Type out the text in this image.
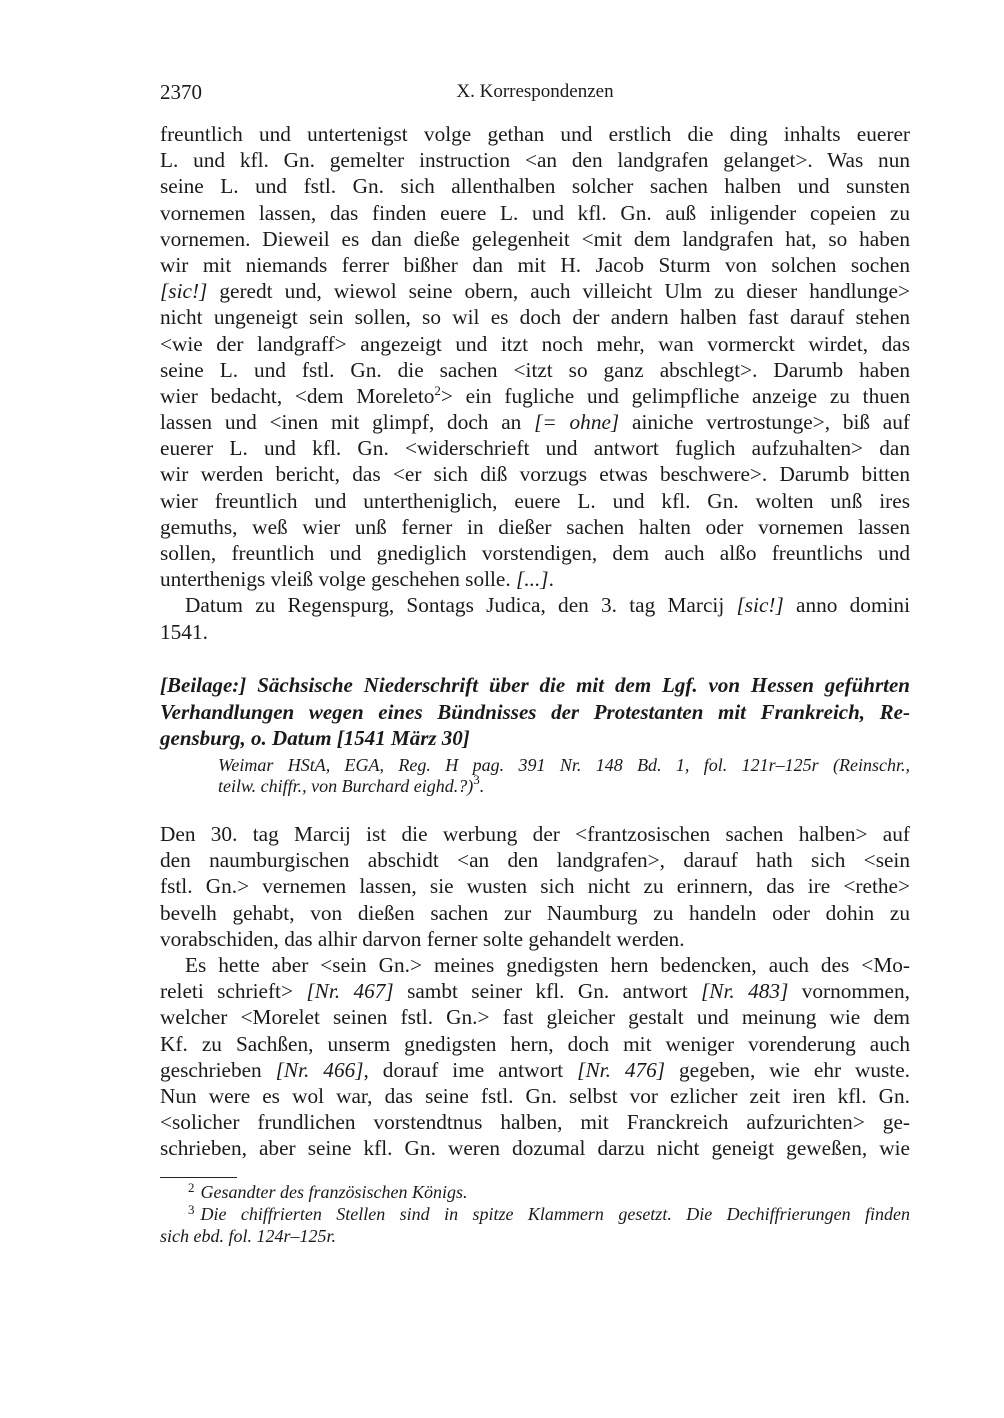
2370	X. Korrespondenzen
freuntlich und untertenigst volge gethan und erstlich die ding inhalts euerer
L. und kfl. Gn. gemelter instruction <an den landgrafen gelanget>. Was nun
seine L. und fstl. Gn. sich allenthalben solcher sachen halben und sunsten
vornemen lassen, das finden euere L. und kfl. Gn. auß inligender copeien zu
vornemen. Dieweil es dan dieße gelegenheit <mit dem landgrafen hat, so haben
wir mit niemands ferrer bißher dan mit H. Jacob Sturm von solchen sochen
[sic!] geredt und, wiewol seine obern, auch villeicht Ulm zu dieser handlunge>
nicht ungeneigt sein sollen, so wil es doch der andern halben fast darauf stehen
<wie der landgraff> angezeigt und itzt noch mehr, wan vormerckt wirdet, das
seine L. und fstl. Gn. die sachen <itzt so ganz abschlegt>. Darumb haben
wier bedacht, <dem Moreleto$^2$> ein fugliche und gelimpfliche anzeige zu thuen
lassen und <inen mit glimpf, doch an [= ohne] ainiche vertrostunge>, biß auf
euerer L. und kfl. Gn. <widerschrieft und antwort fuglich aufzuhalten> dan
wir werden bericht, das <er sich diß vorzugs etwas beschwere>. Darumb bitten
wier freuntlich und untertheniglich, euere L. und kfl. Gn. wolten unß ires
gemuths, weß wier unß ferner in dießer sachen halten oder vornemen lassen
sollen, freuntlich und gnediglich vorstendigen, dem auch alßo freuntlichs und
unterthenigs vleiß volge geschehen solle. [...].
Datum zu Regenspurg, Sontags Judica, den 3. tag Marcij [sic!] anno domini
1541.
[Beilage:] Sächsische Niederschrift über die mit dem Lgf. von Hessen geführten
Verhandlungen wegen eines Bündnisses der Protestanten mit Frankreich, Re-
gensburg, o. Datum [1541 März 30]
Weimar HStA, EGA, Reg. H pag. 391 Nr. 148 Bd. 1, fol. 121r–125r (Reinschr.,
teilw. chiffr., von Burchard eighd.?)$^3$.
Den 30. tag Marcij ist die werbung der <frantzosischen sachen halben> auf
den naumburgischen abschidt <an den landgrafen>, darauf hath sich <sein
fstl. Gn.> vernemen lassen, sie wusten sich nicht zu erinnern, das ire <rethe>
bevelh gehabt, von dießen sachen zur Naumburg zu handeln oder dohin zu
vorabschiden, das alhir darvon ferner solte gehandelt werden.
Es hette aber <sein Gn.> meines gnedigsten hern bedencken, auch des <Mo-
releti schrieft> [Nr. 467] sambt seiner kfl. Gn. antwort [Nr. 483] vornommen,
welcher <Morelet seinen fstl. Gn.> fast gleicher gestalt und meinung wie dem
Kf. zu Sachßen, unserm gnedigsten hern, doch mit weniger vorenderung auch
geschrieben [Nr. 466], dorauf ime antwort [Nr. 476] gegeben, wie ehr wuste.
Nun were es wol war, das seine fstl. Gn. selbst vor ezlicher zeit iren kfl. Gn.
<solicher frundlichen vorstendtnus halben, mit Franckreich aufzurichten> ge-
schrieben, aber seine kfl. Gn. weren dozumal darzu nicht geneigt geweßen, wie
$^2$ Gesandter des französischen Königs.
$^3$ Die chiffrierten Stellen sind in spitze Klammern gesetzt. Die Dechiffrierungen finden
sich ebd. fol. 124r–125r.
